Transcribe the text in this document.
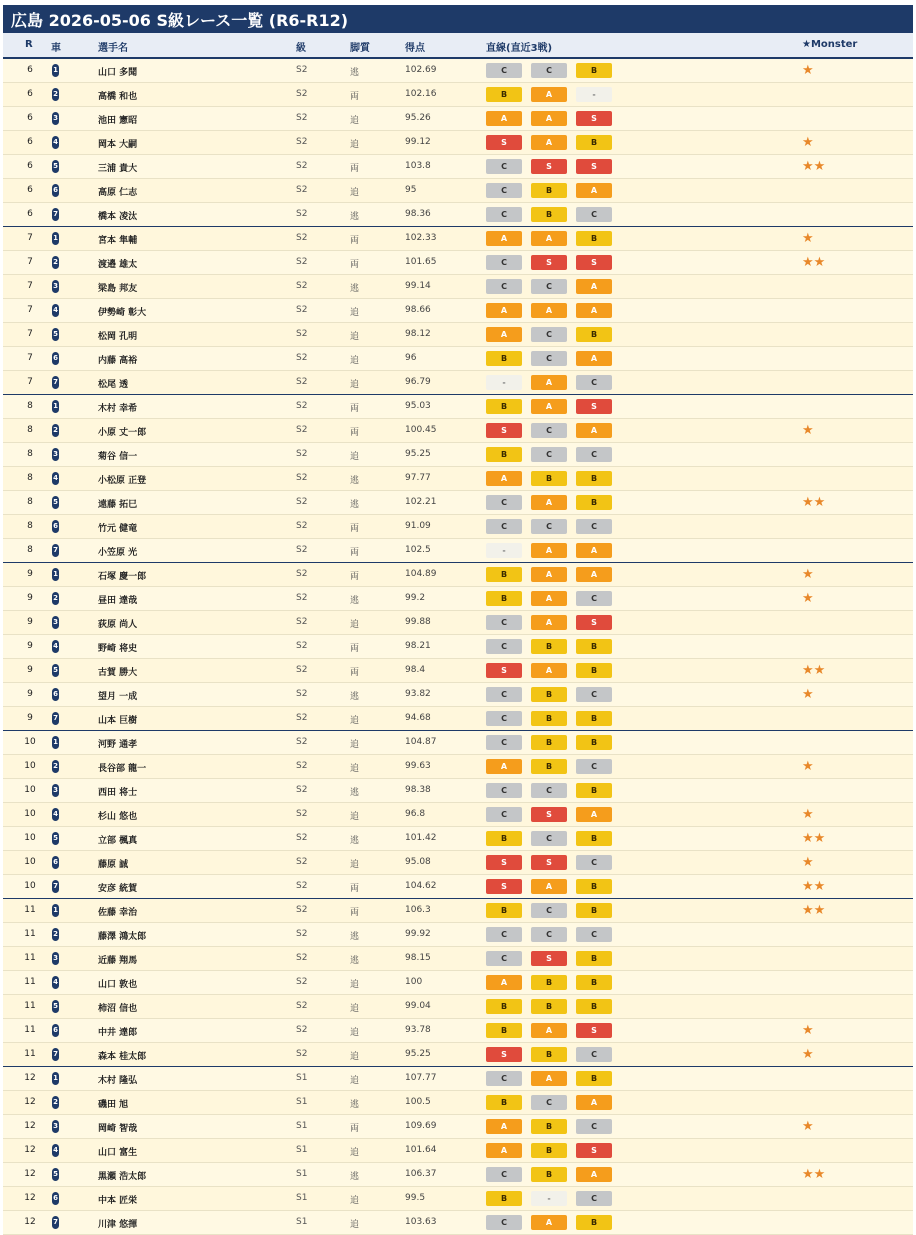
広島 2026-05-06 S級レース一覧 (R6-R12)
R 車	選手名	級	脚質	得点	直線(直近3戦)	★Monster
6	1	山口 多聞	S2	逃	102.69	C	C	B	★
6	2	高橋 和也	S2	両	102.16	B	A	-
6	3	池田 憲昭	S2	追	95.26	A	A	S
6	4	岡本 大嗣	S2	追	99.12	S	A	B	★
6	5	三浦 貴大	S2	両	103.8	C	S	S	★★
6	6	高原 仁志	S2	追	95	C	B	A
6	7	橋本 凌汰	S2	逃	98.36	C	B	C
7	1	宮本 隼輔	S2	両	102.33	A	A	B	★
7	2	渡邉 雄太	S2	両	101.65	C	S	S	★★
7	3	梁島 邦友	S2	逃	99.14	C	C	A
7	4	伊勢崎 彰大	S2	追	98.66	A	A	A
7	5	松岡 孔明	S2	追	98.12	A	C	B
7	6	内藤 高裕	S2	追	96	B	C	A
7	7	松尾 透	S2	追	96.79	-	A	C
8	1	木村 幸希	S2	両	95.03	B	A	S
8	2	小原 丈一郎	S2	両	100.45	S	C	A	★
8	3	菊谷 信一	S2	追	95.25	B	C	C
8	4	小松原 正登	S2	逃	97.77	A	B	B
8	5	遠藤 拓巳	S2	逃	102.21	C	A	B	★★
8	6	竹元 健竜	S2	両	91.09	C	C	C
8	7	小笠原 光	S2	両	102.5	-	A	A
9	1	石塚 慶一郎	S2	両	104.89	B	A	A	★
9	2	昼田 達哉	S2	逃	99.2	B	A	C	★
9	3	荻原 尚人	S2	追	99.88	C	A	S
9	4	野崎 将史	S2	両	98.21	C	B	B
9	5	古賀 勝大	S2	両	98.4	S	A	B	★★
9	6	望月 一成	S2	逃	93.82	C	B	C	★
9	7	山本 巨樹	S2	追	94.68	C	B	B
10 1	河野 通孝	S2	追	104.87	C	B	B
10 2	長谷部 龍一	S2	追	99.63	A	B	C	★
10 3	西田 将士	S2	逃	98.38	C	C	B
10 4	杉山 悠也	S2	追	96.8	C	S	A	★
10 5	立部 楓真	S2	逃	101.42	B	C	B	★★
10 6	藤原 誠	S2	追	95.08	S	S	C	★
10 7	安彦 統賀	S2	両	104.62	S	A	B	★★
11 1	佐藤 幸治	S2	両	106.3	B	C	B	★★
11 2	藤澤 鴻太郎	S2	逃	99.92	C	C	C
11 3	近藤 翔馬	S2	逃	98.15	C	S	B
11 4	山口 敦也	S2	追	100	A	B	B
11 5	柿沼 信也	S2	追	99.04	B	B	B
11 6	中井 達郎	S2	追	93.78	B	A	S	★
11 7	森本 桂太郎	S2	追	95.25	S	B	C	★
12 1	木村 隆弘	S1	追	107.77	C	A	B
12 2	磯田 旭	S1	逃	100.5	B	C	A
12 3	岡崎 智哉	S1	両	109.69	A	B	C	★
12 4	山口 富生	S1	追	101.64	A	B	S
12 5	黒瀬 浩太郎	S1	逃	106.37	C	B	A	★★
12 6	中本 匠栄	S1	追	99.5	B	-	C
12 7	川津 悠揮	S1	追	103.63	C	A	B
